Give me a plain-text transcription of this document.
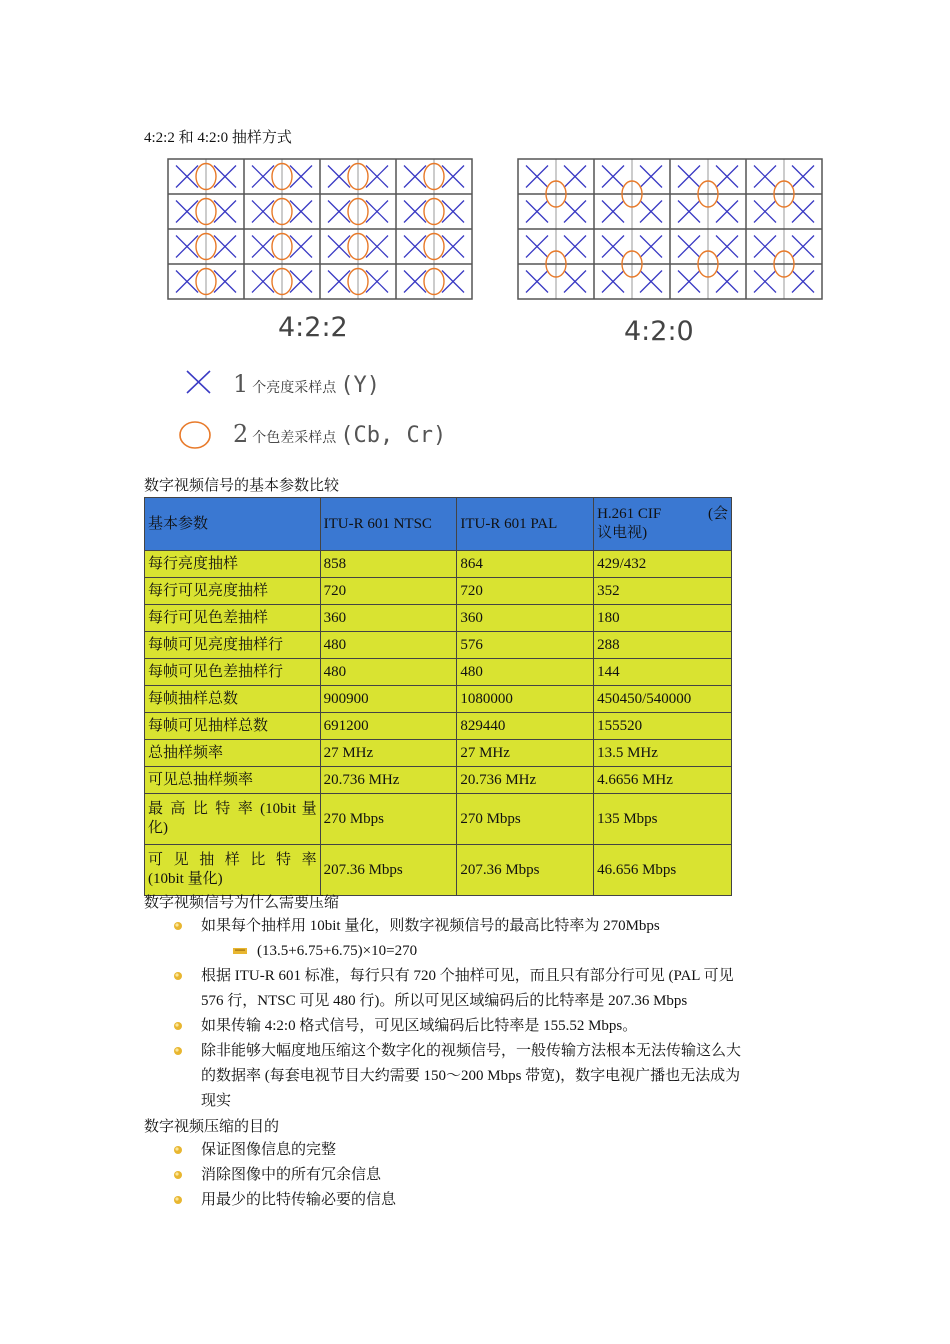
4:2:2 和 4:2:0 抽样方式
4:2:2	4:2:0
1 个亮度采样点 (Y)
2 个色差采样点 (Cb, Cr)
数字视频信号的基本参数比较
基本参数	ITU-R 601 NTSC	ITU-R 601 PAL	H.261 CIF (会
议电视)

每行亮度抽样	858	864	429/432
每行可见亮度抽样	720	720	352
每行可见色差抽样	360	360	180
每帧可见亮度抽样行	480	576	288
每帧可见色差抽样行	480	480	144
每帧抽样总数	900900	1080000	450450/540000
每帧可见抽样总数	691200	829440	155520
总抽样频率	27 MHz	27 MHz	13.5 MHz
可见总抽样频率	20.736 MHz	20.736 MHz	4.6656 MHz

最 高 比 特 率 (10bit 量
化)	270 Mbps	270 Mbps	135 Mbps

可 见 抽 样 比 特 率
(10bit 量化)	207.36 Mbps	207.36 Mbps	46.656 Mbps
数字视频信号为什么需要压缩
如果每个抽样用 10bit 量化，则数字视频信号的最高比特率为 270Mbps
(13.5+6.75+6.75)×10=270
根据 ITU-R 601 标准，每行只有 720 个抽样可见，而且只有部分行可见 (PAL 可见
576 行，NTSC 可见 480 行)。所以可见区域编码后的比特率是 207.36 Mbps
如果传输 4:2:0 格式信号，可见区域编码后比特率是 155.52 Mbps。
除非能够大幅度地压缩这个数字化的视频信号，一般传输方法根本无法传输这么大
的数据率 (每套电视节目大约需要 150～200 Mbps 带宽)，数字电视广播也无法成为
现实
数字视频压缩的目的
保证图像信息的完整
消除图像中的所有冗余信息
用最少的比特传输必要的信息
